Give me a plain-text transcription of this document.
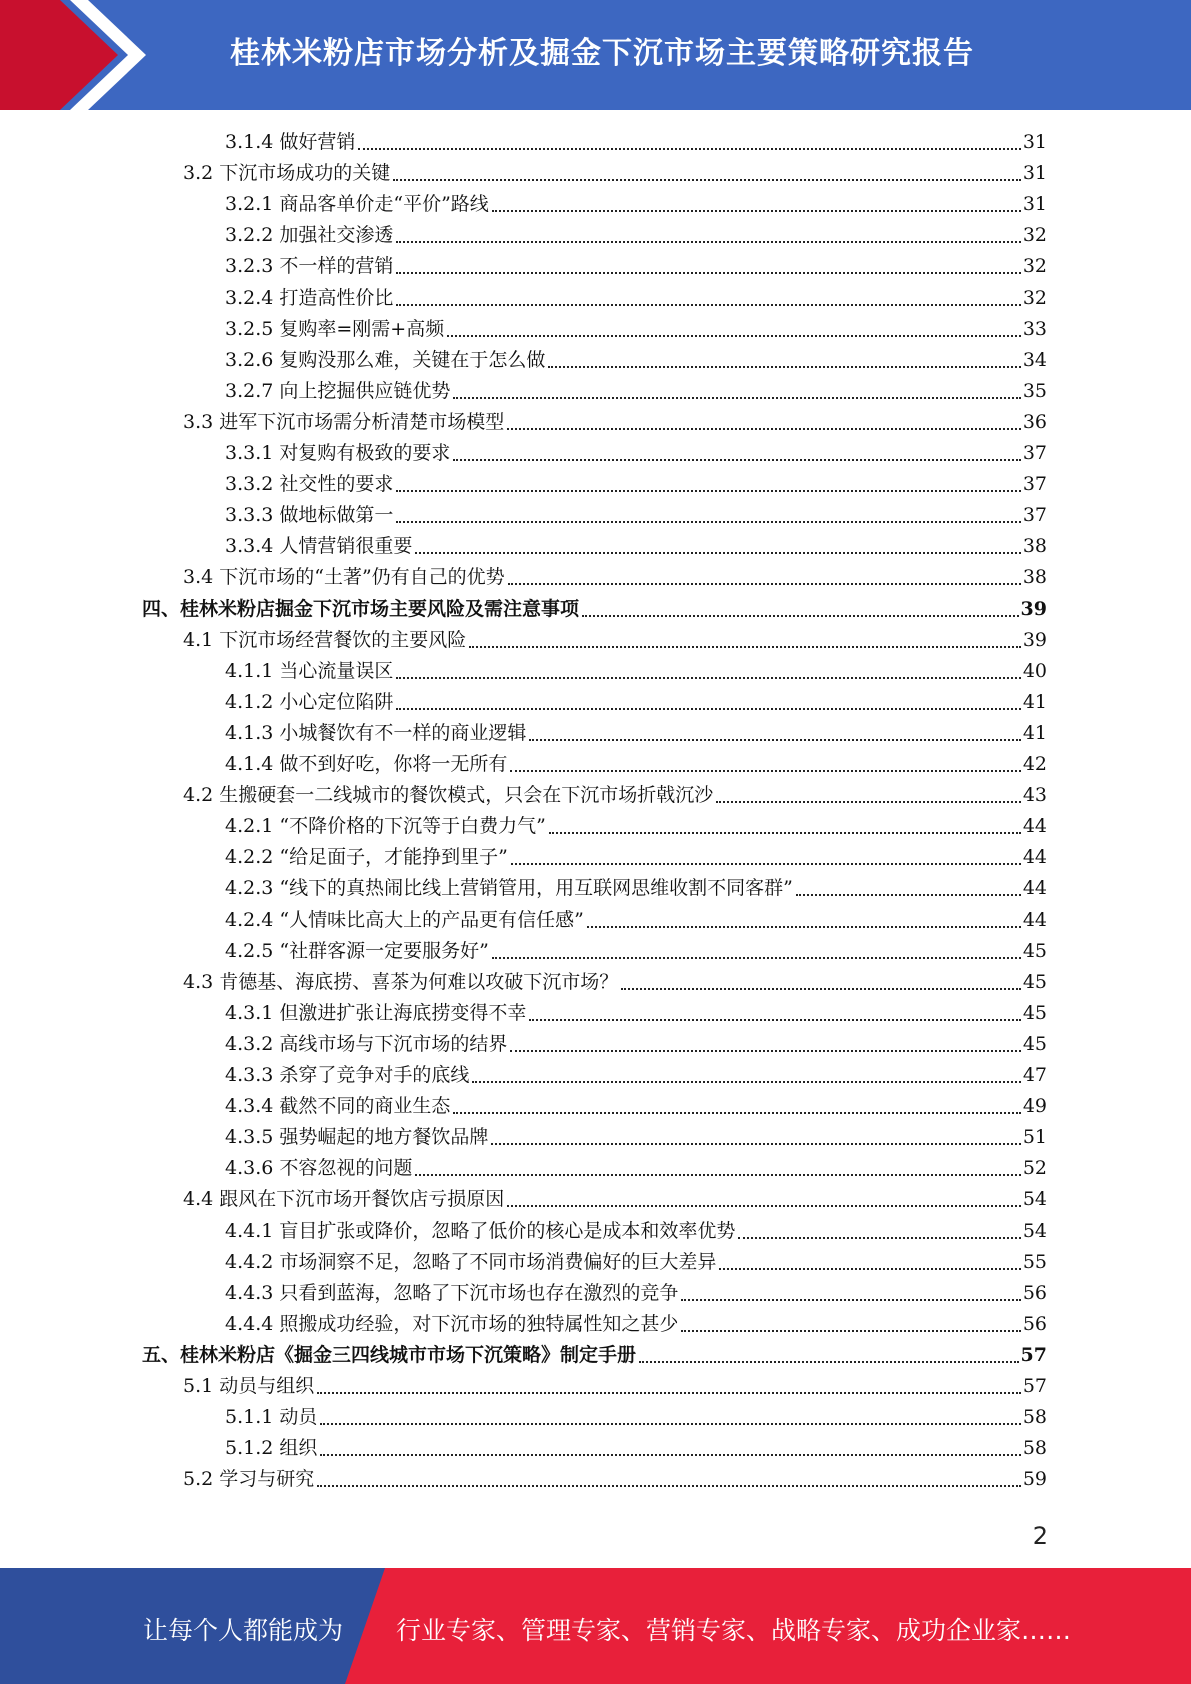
桂林米粉店市场分析及掘金下沉市场主要策略研究报告
3.1.4 做好营销	31
3.2 下沉市场成功的关键	31
3.2.1 商品客单价走“平价”路线	31
3.2.2 加强社交渗透	32
3.2.3 不一样的营销	32
3.2.4 打造高性价比	32
3.2.5 复购率=刚需+高频	33
3.2.6 复购没那么难，关键在于怎么做	34
3.2.7 向上挖掘供应链优势	35
3.3 进军下沉市场需分析清楚市场模型	36
3.3.1 对复购有极致的要求	37
3.3.2 社交性的要求	37
3.3.3 做地标做第一	37
3.3.4 人情营销很重要	38
3.4 下沉市场的“土著”仍有自己的优势	38
四、桂林米粉店掘金下沉市场主要风险及需注意事项	39
4.1 下沉市场经营餐饮的主要风险	39
4.1.1 当心流量误区	40
4.1.2 小心定位陷阱	41
4.1.3 小城餐饮有不一样的商业逻辑	41
4.1.4 做不到好吃，你将一无所有	42
4.2 生搬硬套一二线城市的餐饮模式，只会在下沉市场折戟沉沙	43
4.2.1 “不降价格的下沉等于白费力气”	44
4.2.2 “给足面子，才能挣到里子”	44
4.2.3 “线下的真热闹比线上营销管用，用互联网思维收割不同客群”	44
4.2.4 “人情味比高大上的产品更有信任感”	44
4.2.5 “社群客源一定要服务好”	45
4.3 肯德基、海底捞、喜茶为何难以攻破下沉市场？	45
4.3.1 但激进扩张让海底捞变得不幸	45
4.3.2 高线市场与下沉市场的结界	45
4.3.3 杀穿了竞争对手的底线	47
4.3.4 截然不同的商业生态	49
4.3.5 强势崛起的地方餐饮品牌	51
4.3.6 不容忽视的问题	52
4.4 跟风在下沉市场开餐饮店亏损原因	54
4.4.1 盲目扩张或降价，忽略了低价的核心是成本和效率优势	54
4.4.2 市场洞察不足，忽略了不同市场消费偏好的巨大差异	55
4.4.3 只看到蓝海，忽略了下沉市场也存在激烈的竞争	56
4.4.4 照搬成功经验，对下沉市场的独特属性知之甚少	56
五、桂林米粉店《掘金三四线城市市场下沉策略》制定手册	57
5.1 动员与组织	57
5.1.1 动员	58
5.1.2 组织	58
5.2 学习与研究	59
2
让每个人都能成为 行业专家、管理专家、营销专家、战略专家、成功企业家……
